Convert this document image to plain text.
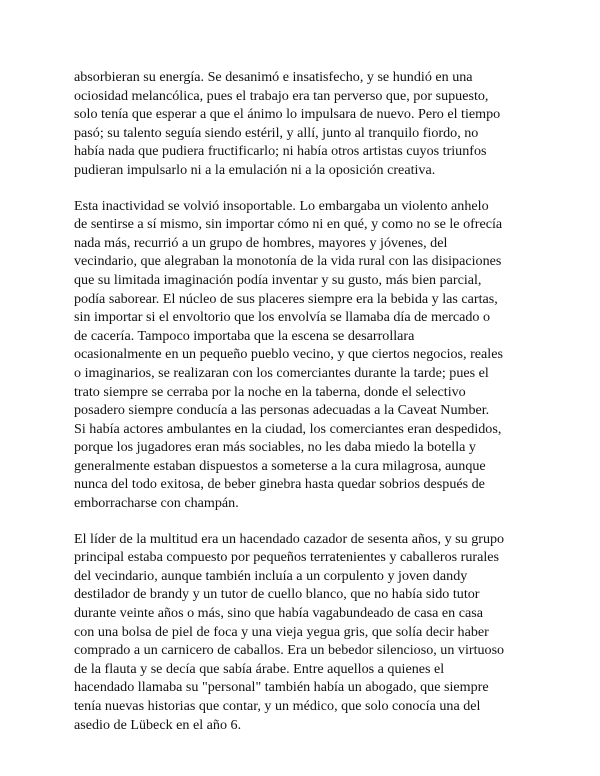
absorbieran su energía. Se desanimó e insatisfecho, y se hundió en una
ociosidad melancólica, pues el trabajo era tan perverso que, por supuesto,
solo tenía que esperar a que el ánimo lo impulsara de nuevo. Pero el tiempo
pasó; su talento seguía siendo estéril, y allí, junto al tranquilo fiordo, no
había nada que pudiera fructificarlo; ni había otros artistas cuyos triunfos
pudieran impulsarlo ni a la emulación ni a la oposición creativa.

Esta inactividad se volvió insoportable. Lo embargaba un violento anhelo
de sentirse a sí mismo, sin importar cómo ni en qué, y como no se le ofrecía
nada más, recurrió a un grupo de hombres, mayores y jóvenes, del
vecindario, que alegraban la monotonía de la vida rural con las disipaciones
que su limitada imaginación podía inventar y su gusto, más bien parcial,
podía saborear. El núcleo de sus placeres siempre era la bebida y las cartas,
sin importar si el envoltorio que los envolvía se llamaba día de mercado o
de cacería. Tampoco importaba que la escena se desarrollara
ocasionalmente en un pequeño pueblo vecino, y que ciertos negocios, reales
o imaginarios, se realizaran con los comerciantes durante la tarde; pues el
trato siempre se cerraba por la noche en la taberna, donde el selectivo
posadero siempre conducía a las personas adecuadas a la Caveat Number.
Si había actores ambulantes en la ciudad, los comerciantes eran despedidos,
porque los jugadores eran más sociables, no les daba miedo la botella y
generalmente estaban dispuestos a someterse a la cura milagrosa, aunque
nunca del todo exitosa, de beber ginebra hasta quedar sobrios después de
emborracharse con champán.

El líder de la multitud era un hacendado cazador de sesenta años, y su grupo
principal estaba compuesto por pequeños terratenientes y caballeros rurales
del vecindario, aunque también incluía a un corpulento y joven dandy
destilador de brandy y un tutor de cuello blanco, que no había sido tutor
durante veinte años o más, sino que había vagabundeado de casa en casa
con una bolsa de piel de foca y una vieja yegua gris, que solía decir haber
comprado a un carnicero de caballos. Era un bebedor silencioso, un virtuoso
de la flauta y se decía que sabía árabe. Entre aquellos a quienes el
hacendado llamaba su "personal" también había un abogado, que siempre
tenía nuevas historias que contar, y un médico, que solo conocía una del
asedio de Lübeck en el año 6.
